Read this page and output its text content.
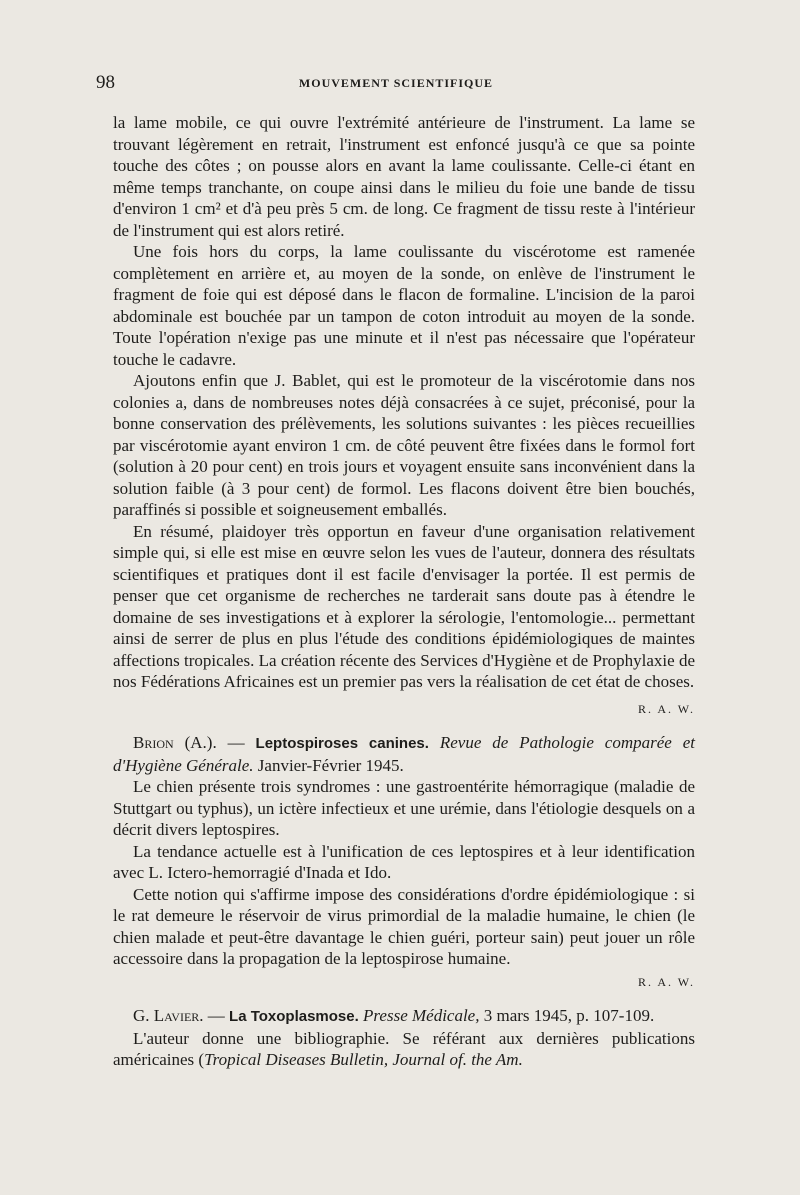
98	MOUVEMENT SCIENTIFIQUE

la lame mobile, ce qui ouvre l'extrémité antérieure de l'instrument. La lame se trouvant légèrement en retrait, l'instrument est enfoncé jusqu'à ce que sa pointe touche des côtes ; on pousse alors en avant la lame coulissante. Celle-ci étant en même temps tranchante, on coupe ainsi dans le milieu du foie une bande de tissu d'environ 1 cm² et d'à peu près 5 cm. de long. Ce fragment de tissu reste à l'intérieur de l'instrument qui est alors retiré.

Une fois hors du corps, la lame coulissante du viscérotome est ramenée complètement en arrière et, au moyen de la sonde, on enlève de l'instrument le fragment de foie qui est déposé dans le flacon de formaline. L'incision de la paroi abdominale est bouchée par un tampon de coton introduit au moyen de la sonde. Toute l'opération n'exige pas une minute et il n'est pas nécessaire que l'opérateur touche le cadavre.

Ajoutons enfin que J. Bablet, qui est le promoteur de la viscérotomie dans nos colonies a, dans de nombreuses notes déjà consacrées à ce sujet, préconisé, pour la bonne conservation des prélèvements, les solutions suivantes : les pièces recueillies par viscérotomie ayant environ 1 cm. de côté peuvent être fixées dans le formol fort (solution à 20 pour cent) en trois jours et voyagent ensuite sans inconvénient dans la solution faible (à 3 pour cent) de formol. Les flacons doivent être bien bouchés, paraffinés si possible et soigneusement emballés.

En résumé, plaidoyer très opportun en faveur d'une organisation relativement simple qui, si elle est mise en œuvre selon les vues de l'auteur, donnera des résultats scientifiques et pratiques dont il est facile d'envisager la portée. Il est permis de penser que cet organisme de recherches ne tarderait sans doute pas à étendre le domaine de ses investigations et à explorer la sérologie, l'entomologie... permettant ainsi de serrer de plus en plus l'étude des conditions épidémiologiques de maintes affections tropicales. La création récente des Services d'Hygiène et de Prophylaxie de nos Fédérations Africaines est un premier pas vers la réalisation de cet état de choses.

R. A. W.

Brion (A.). — Leptospiroses canines. Revue de Pathologie comparée et d'Hygiène Générale. Janvier-Février 1945.

Le chien présente trois syndromes : une gastroentérite hémorragique (maladie de Stuttgart ou typhus), un ictère infectieux et une urémie, dans l'étiologie desquels on a décrit divers leptospires.

La tendance actuelle est à l'unification de ces leptospires et à leur identification avec L. Ictero-hemorragié d'Inada et Ido.

Cette notion qui s'affirme impose des considérations d'ordre épidémiologique : si le rat demeure le réservoir de virus primordial de la maladie humaine, le chien (le chien malade et peut-être davantage le chien guéri, porteur sain) peut jouer un rôle accessoire dans la propagation de la leptospirose humaine.

R. A. W.

G. Lavier. — La Toxoplasmose. Presse Médicale, 3 mars 1945, p. 107-109.

L'auteur donne une bibliographie. Se référant aux dernières publications américaines (Tropical Diseases Bulletin, Journal of. the Am.
